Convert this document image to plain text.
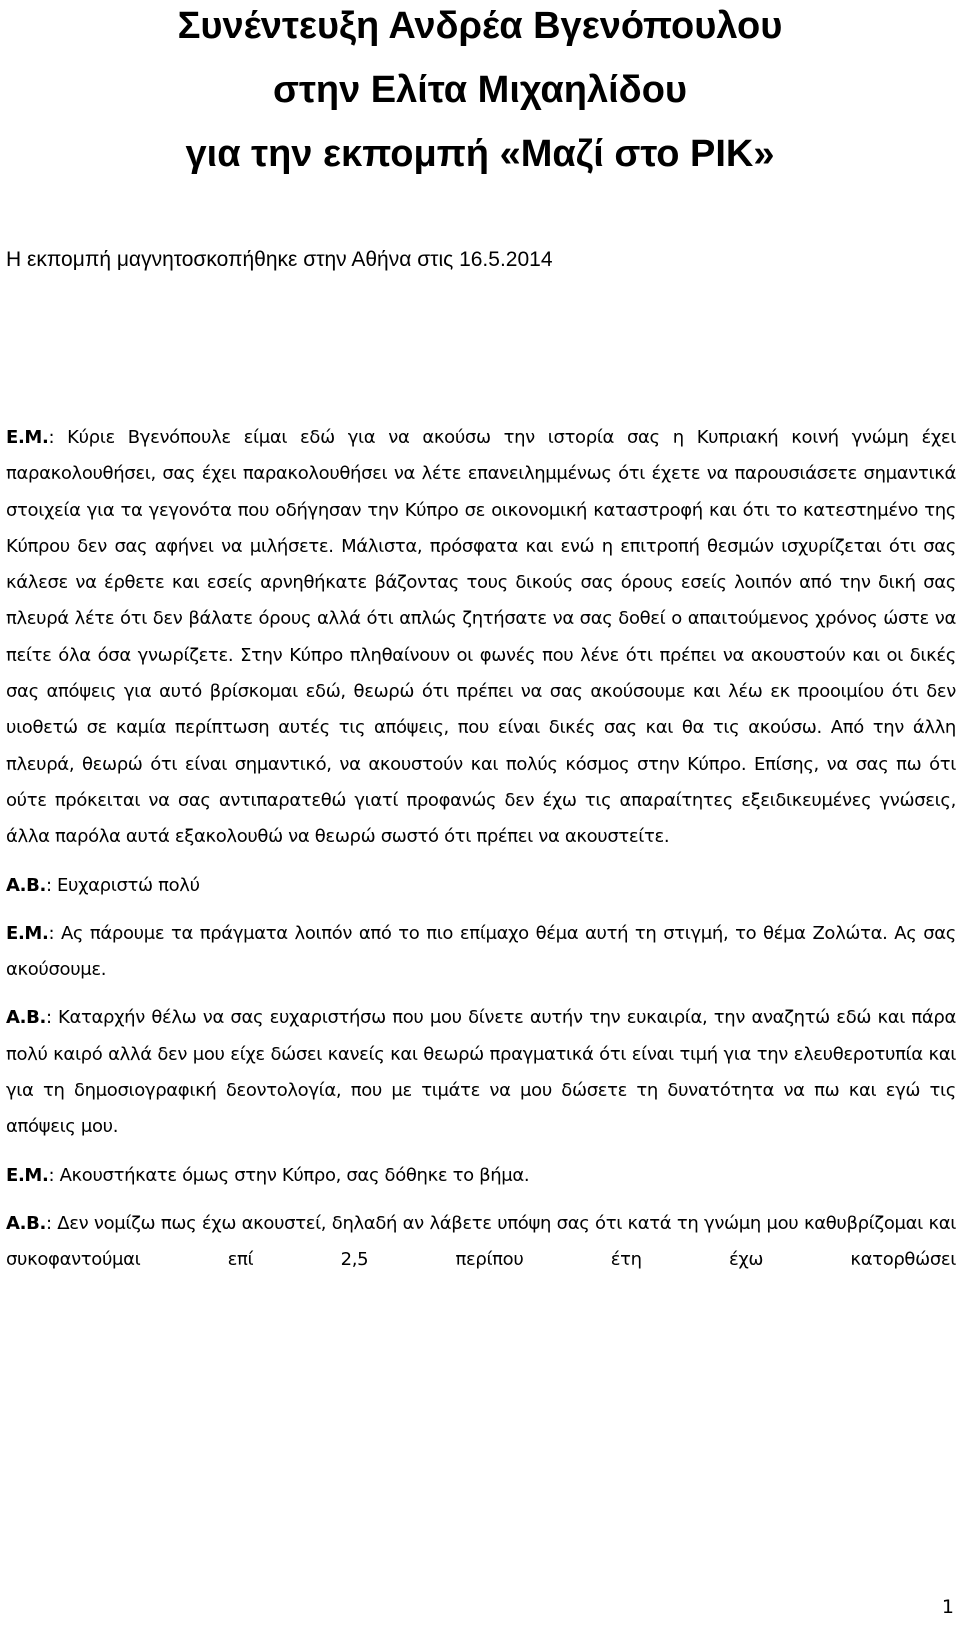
Συνέντευξη Ανδρέα Βγενόπουλου
στην Ελίτα Μιχαηλίδου
για την εκπομπή «Μαζί στο ΡΙΚ»
Η εκπομπή μαγνητοσκοπήθηκε στην Αθήνα στις 16.5.2014

Ε.Μ.: Κύριε Βγενόπουλε είμαι εδώ για να ακούσω την ιστορία σας η Κυπριακή κοινή γνώμη έχει παρακολουθήσει, σας έχει παρακολουθήσει να λέτε επανειλημμένως ότι έχετε να παρουσιάσετε σημαντικά στοιχεία για τα γεγονότα που οδήγησαν την Κύπρο σε οικονομική καταστροφή και ότι το κατεστημένο της Κύπρου δεν σας αφήνει να μιλήσετε. Μάλιστα, πρόσφατα και ενώ η επιτροπή θεσμών ισχυρίζεται ότι σας κάλεσε να έρθετε και εσείς αρνηθήκατε βάζοντας τους δικούς σας όρους εσείς λοιπόν από την δική σας πλευρά λέτε ότι δεν βάλατε όρους αλλά ότι απλώς ζητήσατε να σας δοθεί ο απαιτούμενος χρόνος ώστε να πείτε όλα όσα γνωρίζετε. Στην Κύπρο πληθαίνουν οι φωνές που λένε ότι πρέπει να ακουστούν και οι δικές σας απόψεις για αυτό βρίσκομαι εδώ, θεωρώ ότι πρέπει να σας ακούσουμε και λέω εκ προοιμίου ότι δεν υιοθετώ σε καμία περίπτωση αυτές τις απόψεις, που είναι δικές σας και θα τις ακούσω. Από την άλλη πλευρά, θεωρώ ότι είναι σημαντικό, να ακουστούν και πολύς κόσμος στην Κύπρο. Επίσης, να σας πω ότι ούτε πρόκειται να σας αντιπαρατεθώ γιατί προφανώς δεν έχω τις απαραίτητες εξειδικευμένες γνώσεις, άλλα παρόλα αυτά εξακολουθώ να θεωρώ σωστό ότι πρέπει να ακουστείτε.

Α.Β.: Ευχαριστώ πολύ

Ε.Μ.: Ας πάρουμε τα πράγματα λοιπόν από το πιο επίμαχο θέμα αυτή τη στιγμή, το θέμα Ζολώτα. Ας σας ακούσουμε.

Α.Β.: Καταρχήν θέλω να σας ευχαριστήσω που μου δίνετε αυτήν την ευκαιρία, την αναζητώ εδώ και πάρα πολύ καιρό αλλά δεν μου είχε δώσει κανείς και θεωρώ πραγματικά ότι είναι τιμή για την ελευθεροτυπία και για τη δημοσιογραφική δεοντολογία, που με τιμάτε να μου δώσετε τη δυνατότητα να πω και εγώ τις απόψεις μου.

Ε.Μ.: Ακουστήκατε όμως στην Κύπρο, σας δόθηκε το βήμα.

Α.Β.: Δεν νομίζω πως έχω ακουστεί, δηλαδή αν λάβετε υπόψη σας ότι κατά τη γνώμη μου καθυβρίζομαι και συκοφαντούμαι επί 2,5 περίπου έτη έχω κατορθώσει

1
